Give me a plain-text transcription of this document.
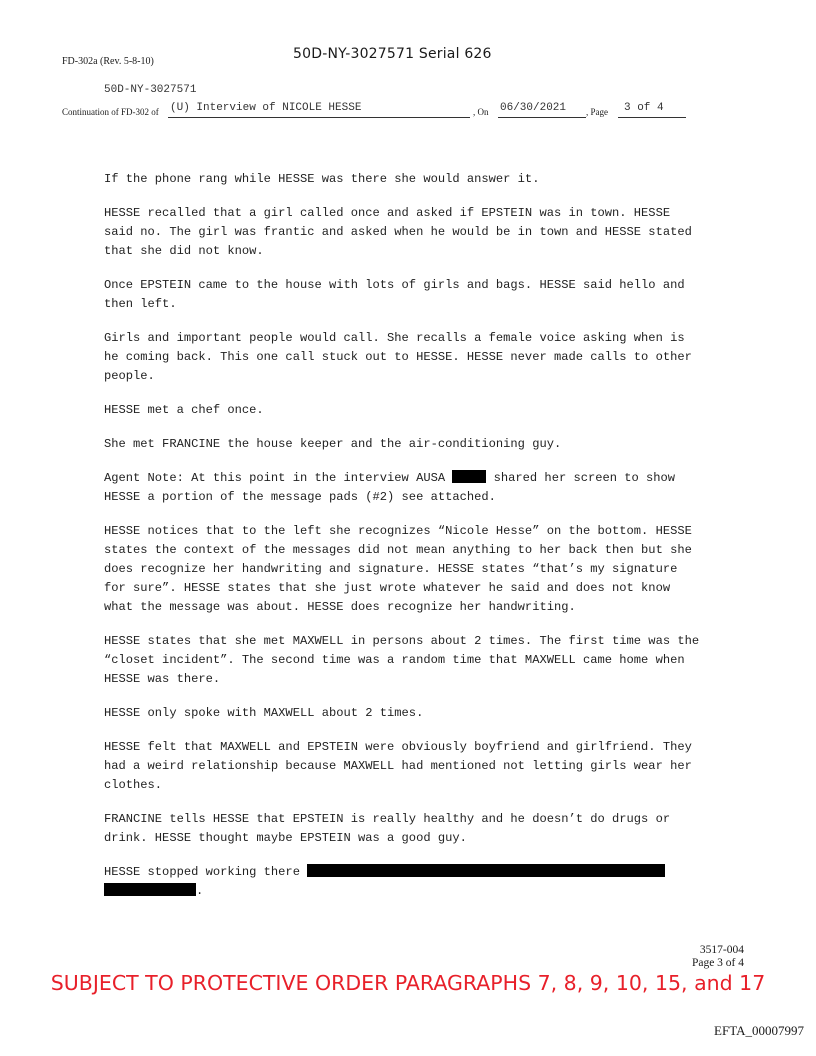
FD-302a (Rev. 5-8-10)	50D-NY-3027571 Serial 626
50D-NY-3027571
Continuation of FD-302 of (U) Interview of NICOLE HESSE	, On 06/30/2021	, Page	3 of 4

If the phone rang while HESSE was there she would answer it.

HESSE recalled that a girl called once and asked if EPSTEIN was in town. HESSE said no. The girl was frantic and asked when he would be in town and HESSE stated that she did not know.

Once EPSTEIN came to the house with lots of girls and bags. HESSE said hello and then left.

Girls and important people would call. She recalls a female voice asking when is he coming back. This one call stuck out to HESSE. HESSE never made calls to other people.

HESSE met a chef once.

She met FRANCINE the house keeper and the air-conditioning guy.

Agent Note: At this point in the interview AUSA	shared her screen to show HESSE a portion of the message pads (#2) see attached.

HESSE notices that to the left she recognizes “Nicole Hesse” on the bottom. HESSE states the context of the messages did not mean anything to her back then but she does recognize her handwriting and signature. HESSE states “that’s my signature for sure”. HESSE states that she just wrote whatever he said and does not know what the message was about. HESSE does recognize her handwriting.

HESSE states that she met MAXWELL in persons about 2 times. The first time was the “closet incident”. The second time was a random time that MAXWELL came home when HESSE was there.

HESSE only spoke with MAXWELL about 2 times.

HESSE felt that MAXWELL and EPSTEIN were obviously boyfriend and girlfriend. They had a weird relationship because MAXWELL had mentioned not letting girls wear her clothes.

FRANCINE tells HESSE that EPSTEIN is really healthy and he doesn’t do drugs or drink. HESSE thought maybe EPSTEIN was a good guy.

HESSE stopped working there
.

3517-004
Page 3 of 4
SUBJECT TO PROTECTIVE ORDER PARAGRAPHS 7, 8, 9, 10, 15, and 17
EFTA_00007997
